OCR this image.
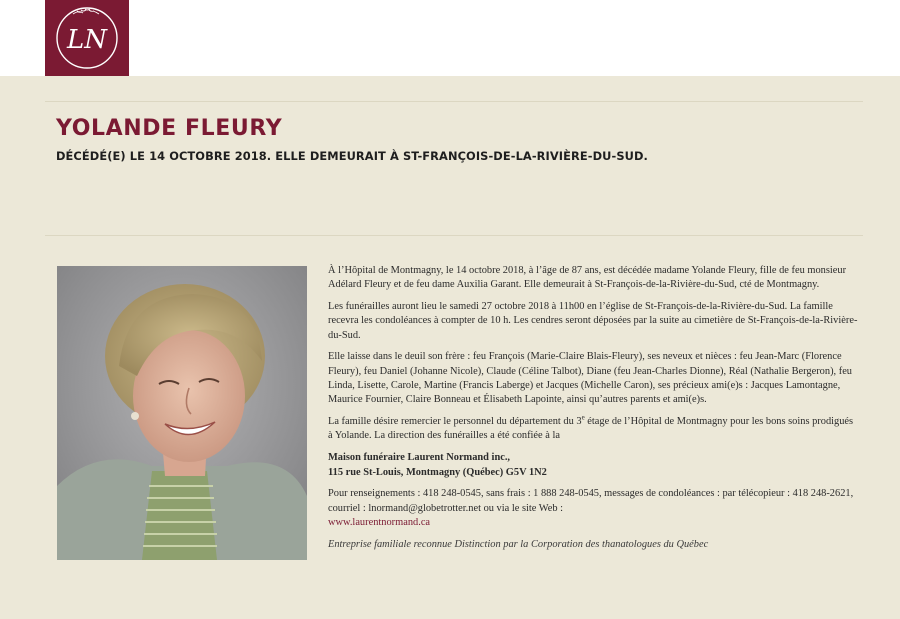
LN
YOLANDE FLEURY
DÉCÉDÉ(E) LE 14 OCTOBRE 2018. ELLE DEMEURAIT À ST-FRANÇOIS-DE-LA-RIVIÈRE-DU-SUD.

À l’Hôpital de Montmagny, le 14 octobre 2018, à l’âge de 87 ans, est décédée madame Yolande Fleury, fille de feu monsieur Adélard Fleury et de feu dame Auxilia Garant. Elle demeurait à St-François-de-la-Rivière-du-Sud, cté de Montmagny.

Les funérailles auront lieu le samedi 27 octobre 2018 à 11h00 en l’église de St-François-de-la-Rivière-du-Sud. La famille recevra les condoléances à compter de 10 h. Les cendres seront déposées par la suite au cimetière de St-François-de-la-Rivière-du-Sud.

Elle laisse dans le deuil son frère : feu François (Marie-Claire Blais-Fleury), ses neveux et nièces : feu Jean-Marc (Florence Fleury), feu Daniel (Johanne Nicole), Claude (Céline Talbot), Diane (feu Jean-Charles Dionne), Réal (Nathalie Bergeron), feu Linda, Lisette, Carole, Martine (Francis Laberge) et Jacques (Michelle Caron), ses précieux ami(e)s : Jacques Lamontagne, Maurice Fournier, Claire Bonneau et Élisabeth Lapointe, ainsi qu’autres parents et ami(e)s.

La famille désire remercier le personnel du département du 3e étage de l’Hôpital de Montmagny pour les bons soins prodigués à Yolande. La direction des funérailles a été confiée à la

Maison funéraire Laurent Normand inc.,
115 rue St-Louis, Montmagny (Québec) G5V 1N2

Pour renseignements : 418 248-0545, sans frais : 1 888 248-0545, messages de condoléances : par télécopieur : 418 248-2621, courriel : lnormand@globetrotter.net ou via le site Web :
www.laurentnormand.ca

Entreprise familiale reconnue Distinction par la Corporation des thanatologues du Québec
